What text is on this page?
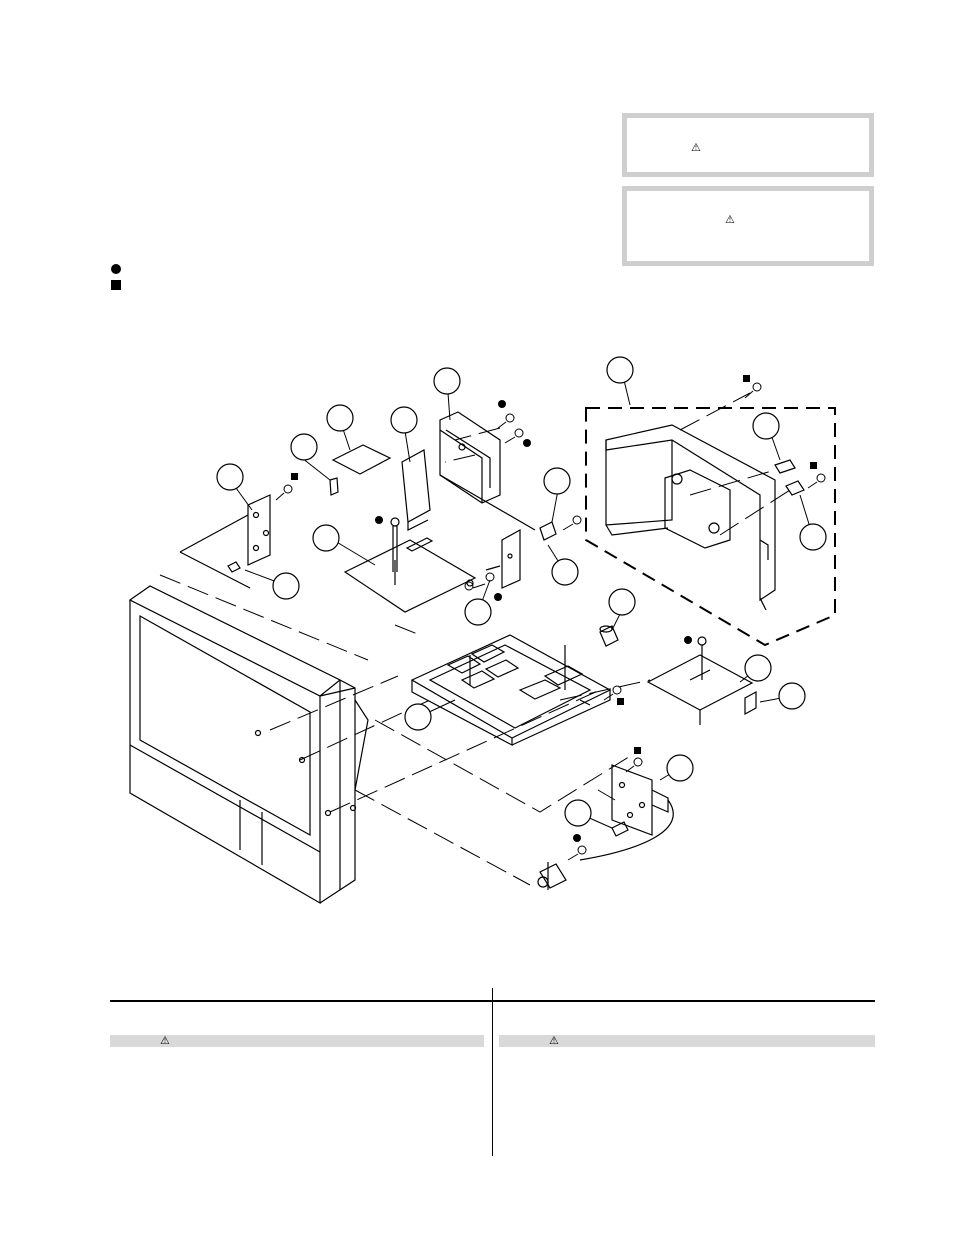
⚠
⚠
⚠	⚠
